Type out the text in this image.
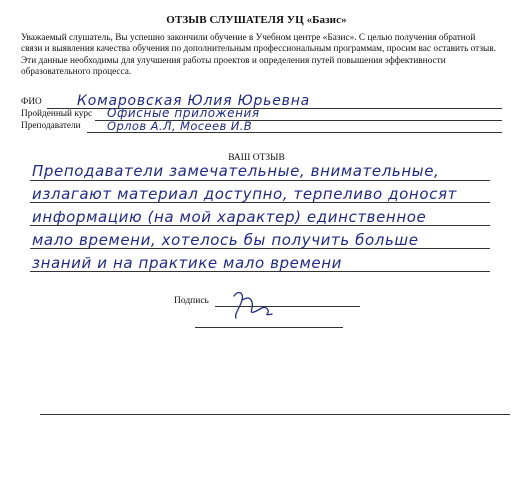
ОТЗЫВ СЛУШАТЕЛЯ УЦ «Базис»
Уважаемый слушатель, Вы успешно закончили обучение в Учебном центре «Базис». С целью получения обратной связи и выявления качества обучения по дополнительным профессиональным программам, просим вас оставить отзыв. Эти данные необходимы для улучшения работы проектов и определения путей повышения эффективности образовательного процесса.
ФИО	Комаровская Юлия Юрьевна
Пройденный курс Офисные приложения
Преподаватели Орлов А.Л, Мосеев И.В
ВАШ ОТЗЫВ
Преподаватели замечательные, внимательные,
излагают материал доступно, терпеливо доносят
информацию (на мой характер) единственное
мало времени, хотелось бы получить больше
знаний и на практике мало времени
Подпись
